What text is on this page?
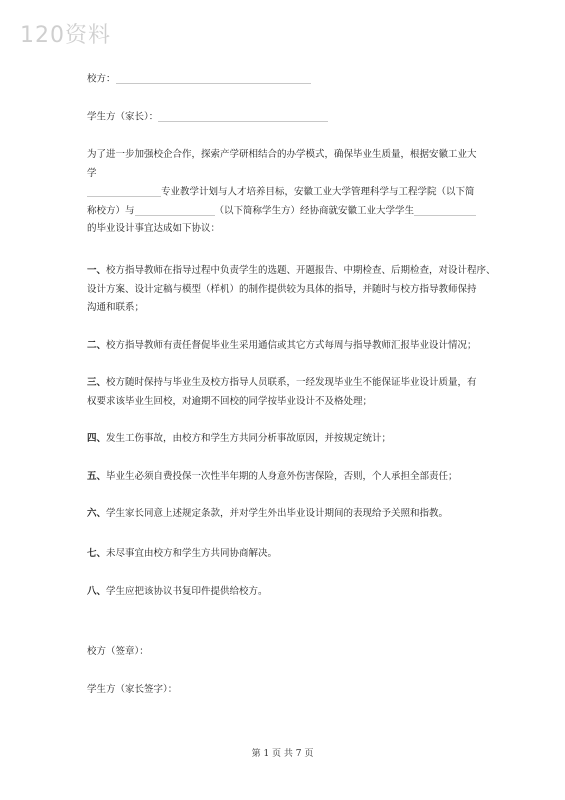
120资料
校方：
学生方（家长）：
为了进一步加强校企合作，探索产学研相结合的办学模式，确保毕业生质量，根据安徽工业大
学
专业教学计划与人才培养目标，安徽工业大学管理科学与工程学院（以下简
称校方）与	（以下简称学生方）经协商就安徽工业大学学生
的毕业设计事宜达成如下协议：
一、校方指导教师在指导过程中负责学生的选题、开题报告、中期检查、后期检查，对设计程序、
设计方案、设计定稿与模型（样机）的制作提供较为具体的指导，并随时与校方指导教师保持
沟通和联系；
二、校方指导教师有责任督促毕业生采用通信或其它方式每周与指导教师汇报毕业设计情况；
三、校方随时保持与毕业生及校方指导人员联系，一经发现毕业生不能保证毕业设计质量，有
权要求该毕业生回校，对逾期不回校的同学按毕业设计不及格处理；
四、发生工伤事故，由校方和学生方共同分析事故原因，并按规定统计；
五、毕业生必须自费投保一次性半年期的人身意外伤害保险，否则，个人承担全部责任；
六、学生家长同意上述规定条款，并对学生外出毕业设计期间的表现给予关照和指教。
七、未尽事宜由校方和学生方共同协商解决。
八、学生应把该协议书复印件提供给校方。
校方（签章）：
学生方（家长签字）：
第 1 页 共 7 页
